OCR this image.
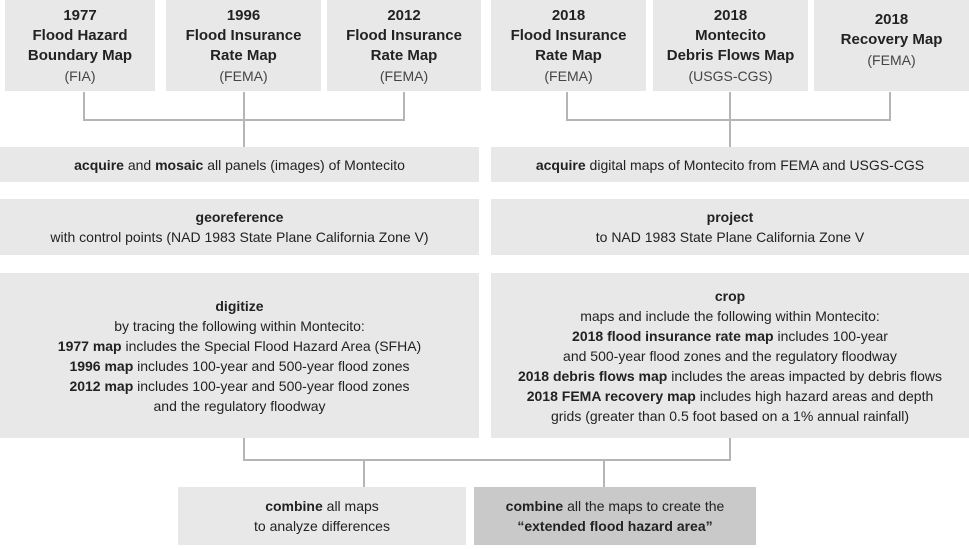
1977
Flood Hazard
Boundary Map
(FIA)
1996
Flood Insurance
Rate Map
(FEMA)
2012
Flood Insurance
Rate Map
(FEMA)
2018
Flood Insurance
Rate Map
(FEMA)
2018
Montecito
Debris Flows Map
(USGS-CGS)
2018
Recovery Map
(FEMA)
acquire and mosaic all panels (images) of Montecito
georeference
with control points (NAD 1983 State Plane California Zone V)
digitize
by tracing the following within Montecito:
1977 map includes the Special Flood Hazard Area (SFHA)
1996 map includes 100-year and 500-year flood zones
2012 map includes 100-year and 500-year flood zones
and the regulatory floodway
acquire digital maps of Montecito from FEMA and USGS-CGS
project
to NAD 1983 State Plane California Zone V
crop
maps and include the following within Montecito:
2018 flood insurance rate map includes 100-year
and 500-year flood zones and the regulatory floodway
2018 debris flows map includes the areas impacted by debris flows
2018 FEMA recovery map includes high hazard areas and depth
grids (greater than 0.5 foot based on a 1% annual rainfall)
combine all maps
to analyze differences
combine all the maps to create the
“extended flood hazard area”
